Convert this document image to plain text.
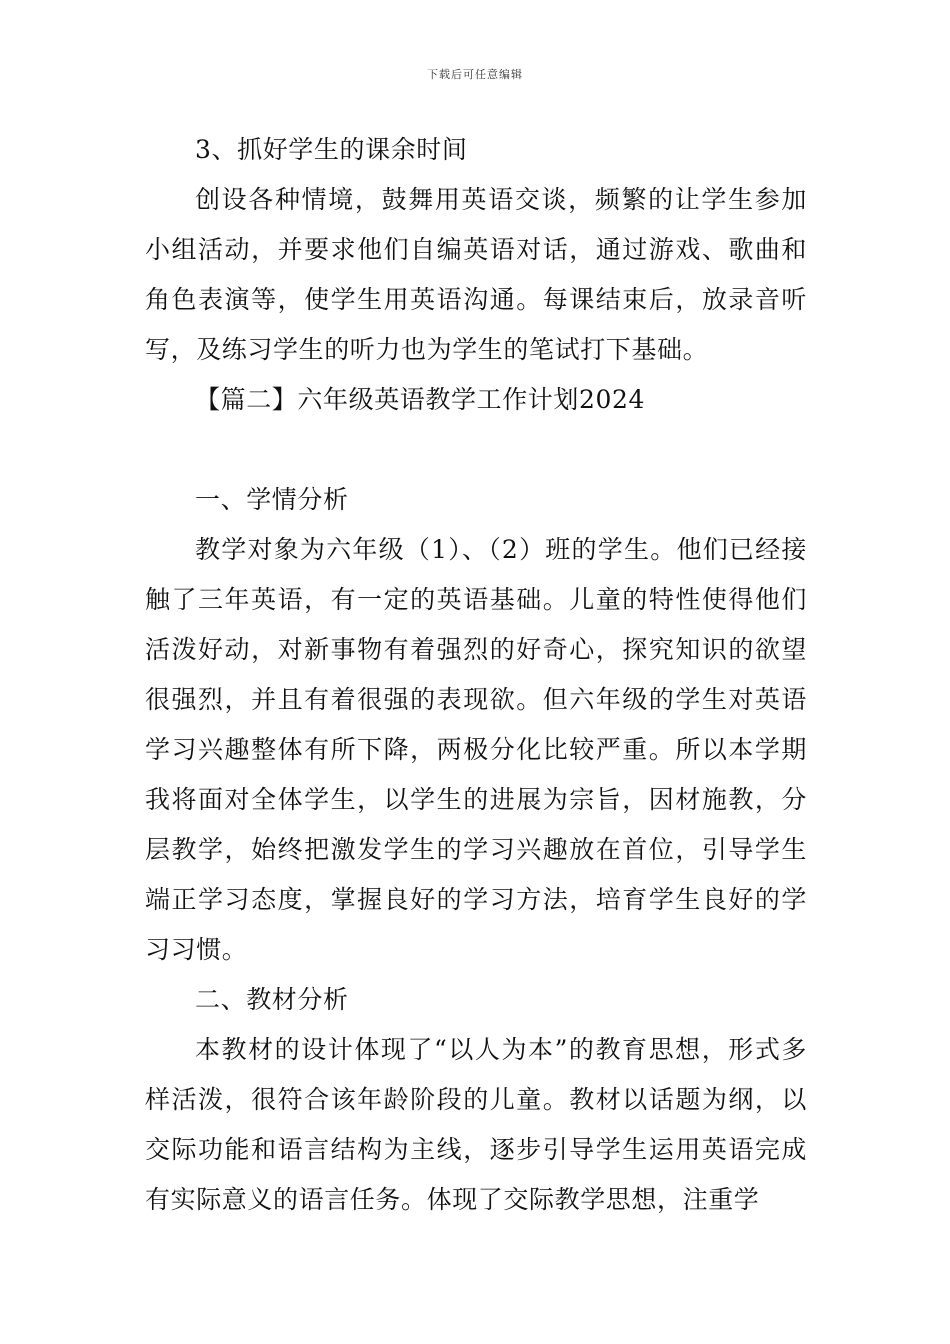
下载后可任意编辑

3、抓好学生的课余时间

创设各种情境，鼓舞用英语交谈，频繁的让学生参加小组活动，并要求他们自编英语对话，通过游戏、歌曲和角色表演等，使学生用英语沟通。每课结束后，放录音听写，及练习学生的听力也为学生的笔试打下基础。

【篇二】六年级英语教学工作计划2024

一、学情分析

教学对象为六年级（1）、（2）班的学生。他们已经接触了三年英语，有一定的英语基础。儿童的特性使得他们活泼好动，对新事物有着强烈的好奇心，探究知识的欲望很强烈，并且有着很强的表现欲。但六年级的学生对英语学习兴趣整体有所下降，两极分化比较严重。所以本学期我将面对全体学生，以学生的进展为宗旨，因材施教，分层教学，始终把激发学生的学习兴趣放在首位，引导学生端正学习态度，掌握良好的学习方法，培育学生良好的学习习惯。

二、教材分析

本教材的设计体现了“以人为本”的教育思想，形式多样活泼，很符合该年龄阶段的儿童。教材以话题为纲，以交际功能和语言结构为主线，逐步引导学生运用英语完成有实际意义的语言任务。体现了交际教学思想，注重学
